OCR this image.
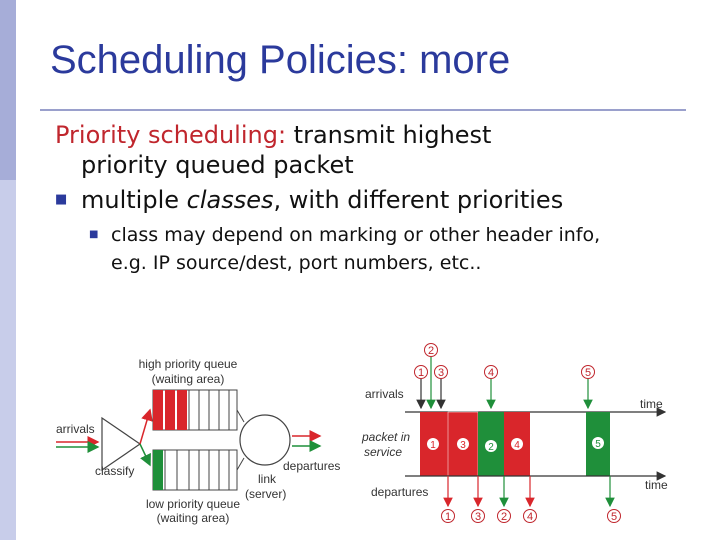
Scheduling Policies: more

Priority scheduling: transmit highest

priority queued packet

■ multiple classes, with different priorities

■ class may depend on marking or other header info, e.g. IP source/dest, port numbers, etc..

high priority queue
(waiting area)
arrivals
classify
link
(server)
departures
low priority queue
(waiting area)
2
1 3	4	5
arrivals
time
packet in
service	1 3 2 4	5
time
departures
1 3 2 4	5
